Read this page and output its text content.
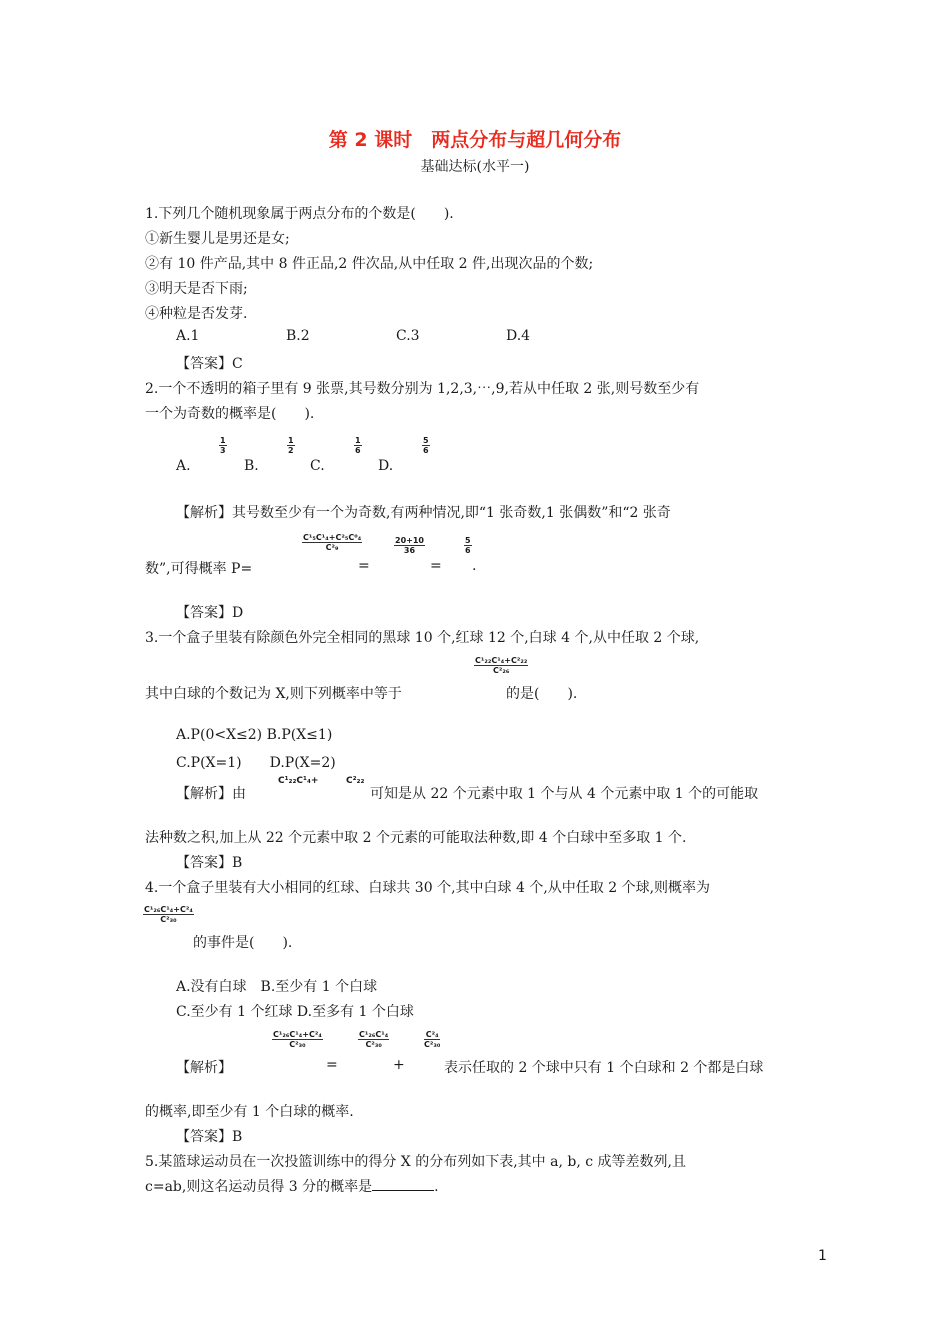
第 2 课时　两点分布与超几何分布
基础达标(水平一)
1.下列几个随机现象属于两点分布的个数是(　　).
①新生婴儿是男还是女;
②有 10 件产品,其中 8 件正品,2 件次品,从中任取 2 件,出现次品的个数;
③明天是否下雨;
④种粒是否发芽.
A.1	B.2	C.3	D.4
【答案】C
2.一个不透明的箱子里有 9 张票,其号数分别为 1,2,3,⋯,9,若从中任取 2 张,则号数至少有
一个为奇数的概率是(　　).
A.
$\frac{1}{3}$
B.
$\frac{1}{2}$
C.
$\frac{1}{6}$
D.
$\frac{5}{6}$
【解析】其号数至少有一个为奇数,有两种情况,即“1 张奇数,1 张偶数”和“2 张奇
数”,可得概率 P=
$\frac{\text{C¹₅C¹₄+C²₅C⁰₄}}{\text{C²₉}}$
=
$\frac{20+10}{36}$
=
$\frac{5}{6}$
.
【答案】D
3.一个盒子里装有除颜色外完全相同的黑球 10 个,红球 12 个,白球 4 个,从中任取 2 个球,
其中白球的个数记为 X,则下列概率中等于
$\frac{\text{C¹₂₂C¹₄+C²₂₂}}{\text{C²₂₆}}$
的是(　　).
A.P(0<X≤2) B.P(X≤1)
C.P(X=1)　　D.P(X=2)
【解析】由
C¹₂₂C¹₄+	C²₂₂
可知是从 22 个元素中取 1 个与从 4 个元素中取 1 个的可能取
法种数之积,加上从 22 个元素中取 2 个元素的可能取法种数,即 4 个白球中至多取 1 个.
【答案】B
4.一个盒子里装有大小相同的红球、白球共 30 个,其中白球 4 个,从中任取 2 个球,则概率为
$\frac{\text{C¹₂₆C¹₄+C²₄}}{\text{C²₃₀}}$
的事件是(　　).
A.没有白球　B.至少有 1 个白球
C.至少有 1 个红球 D.至多有 1 个白球
【解析】
$\frac{\text{C¹₂₆C¹₄+C²₄}}{\text{C²₃₀}}$
=
$\frac{\text{C¹₂₆C¹₄}}{\text{C²₃₀}}$
+
$\frac{\text{C²₄}}{\text{C²₃₀}}$
表示任取的 2 个球中只有 1 个白球和 2 个都是白球
的概率,即至少有 1 个白球的概率.
【答案】B
5.某篮球运动员在一次投篮训练中的得分 X 的分布列如下表,其中 a, b, c 成等差数列,且
c=ab,则这名运动员得 3 分的概率是	.
1
